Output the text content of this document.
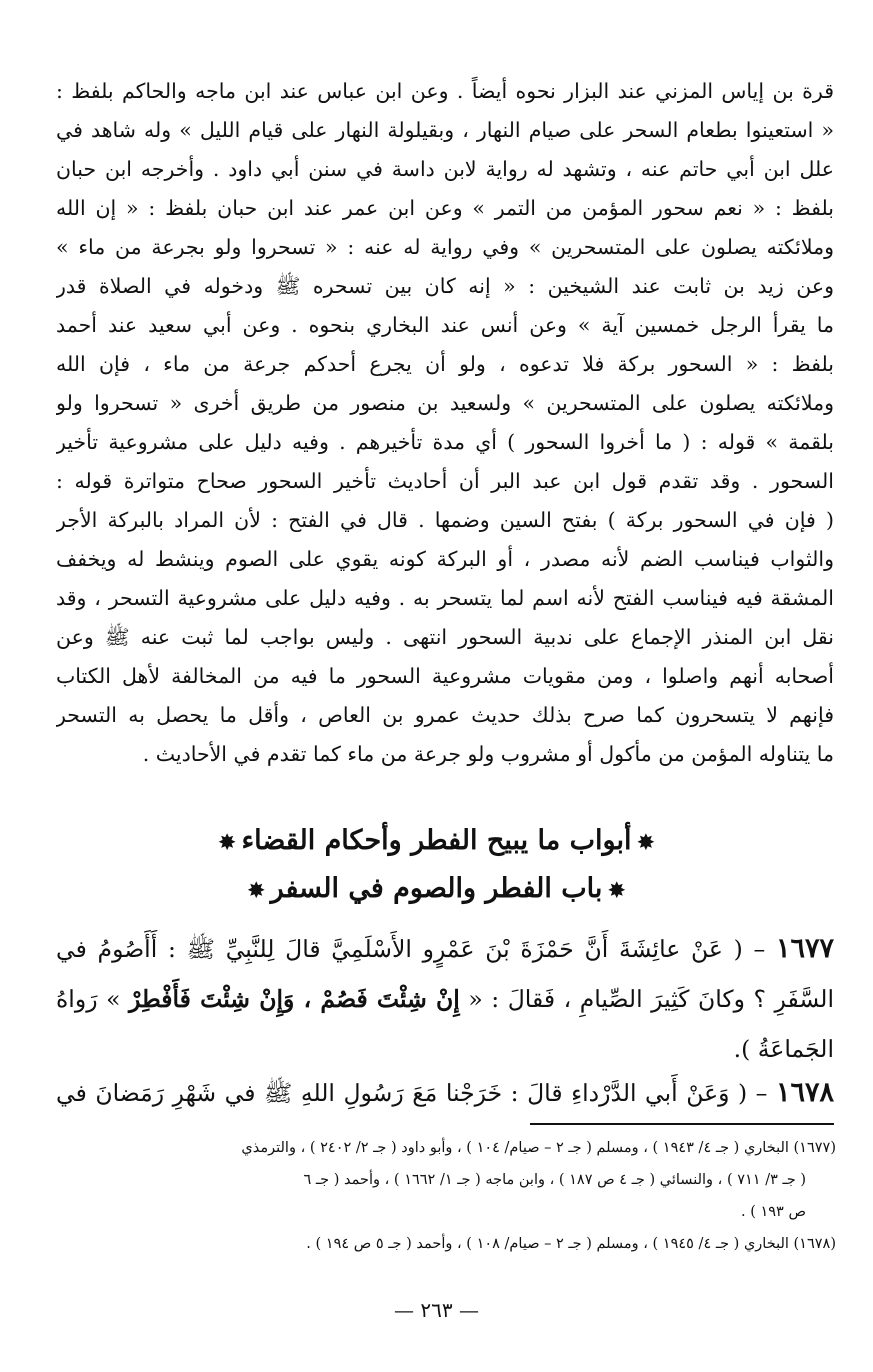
قرة بن إياس المزني عند البزار نحوه أيضاً . وعن ابن عباس عند ابن ماجه والحاكم بلفظ :
« استعينوا بطعام السحر على صيام النهار ، وبقيلولة النهار على قيام الليل » وله شاهد في
علل ابن أبي حاتم عنه ، وتشهد له رواية لابن داسة في سنن أبي داود . وأخرجه ابن حبان
بلفظ : « نعم سحور المؤمن من التمر » وعن ابن عمر عند ابن حبان بلفظ : « إن الله
وملائكته يصلون على المتسحرين » وفي رواية له عنه : « تسحروا ولو بجرعة من ماء »
وعن زيد بن ثابت عند الشيخين : « إنه كان بين تسحره ﷺ ودخوله في الصلاة قدر
ما يقرأ الرجل خمسين آية » وعن أنس عند البخاري بنحوه . وعن أبي سعيد عند أحمد
بلفظ : « السحور بركة فلا تدعوه ، ولو أن يجرع أحدكم جرعة من ماء ، فإن الله
وملائكته يصلون على المتسحرين » ولسعيد بن منصور من طريق أخرى « تسحروا ولو
بلقمة » قوله : ( ما أخروا السحور ) أي مدة تأخيرهم . وفيه دليل على مشروعية تأخير
السحور . وقد تقدم قول ابن عبد البر أن أحاديث تأخير السحور صحاح متواترة قوله :
( فإن في السحور بركة ) بفتح السين وضمها . قال في الفتح : لأن المراد بالبركة الأجر
والثواب فيناسب الضم لأنه مصدر ، أو البركة كونه يقوي على الصوم وينشط له ويخفف
المشقة فيه فيناسب الفتح لأنه اسم لما يتسحر به . وفيه دليل على مشروعية التسحر ، وقد
نقل ابن المنذر الإجماع على ندبية السحور انتهى . وليس بواجب لما ثبت عنه ﷺ وعن
أصحابه أنهم واصلوا ، ومن مقويات مشروعية السحور ما فيه من المخالفة لأهل الكتاب
فإنهم لا يتسحرون كما صرح بذلك حديث عمرو بن العاص ، وأقل ما يحصل به التسحر
ما يتناوله المؤمن من مأكول أو مشروب ولو جرعة من ماء كما تقدم في الأحاديث .
✸أبواب ما يبيح الفطر وأحكام القضاء✸
✸باب الفطر والصوم في السفر✸
١٦٧٧ – ( عَنْ عائِشَةَ أَنَّ حَمْزَةَ بْنَ عَمْرٍو الأَسْلَمِيَّ قالَ لِلنَّبِيِّ ﷺ : أَأَصُومُ في
السَّفَرِ ؟ وكانَ كَثِيرَ الصِّيامِ ، فَقالَ : « إِنْ شِئْتَ فَصُمْ ، وَإِنْ شِئْتَ فَأَفْطِرْ » رَواهُ
الجَماعَةُ ).
١٦٧٨ – ( وَعَنْ أَبي الدَّرْداءِ قالَ : خَرَجْنا مَعَ رَسُولِ اللهِ ﷺ في شَهْرِ رَمَضانَ في
(١٦٧٧) البخاري ( جـ ٤/ ١٩٤٣ ) ، ومسلم ( جـ ٢ – صيام/ ١٠٤ ) ، وأبو داود ( جـ ٢/ ٢٤٠٢ ) ، والترمذي
( جـ ٣/ ٧١١ ) ، والنسائي ( جـ ٤ ص ١٨٧ ) ، وابن ماجه ( جـ ١/ ١٦٦٢ ) ، وأحمد ( جـ ٦
ص ١٩٣ ) .
(١٦٧٨) البخاري ( جـ ٤/ ١٩٤٥ ) ، ومسلم ( جـ ٢ – صيام/ ١٠٨ ) ، وأحمد ( جـ ٥ ص ١٩٤ ) .
— ٢٦٣ —
